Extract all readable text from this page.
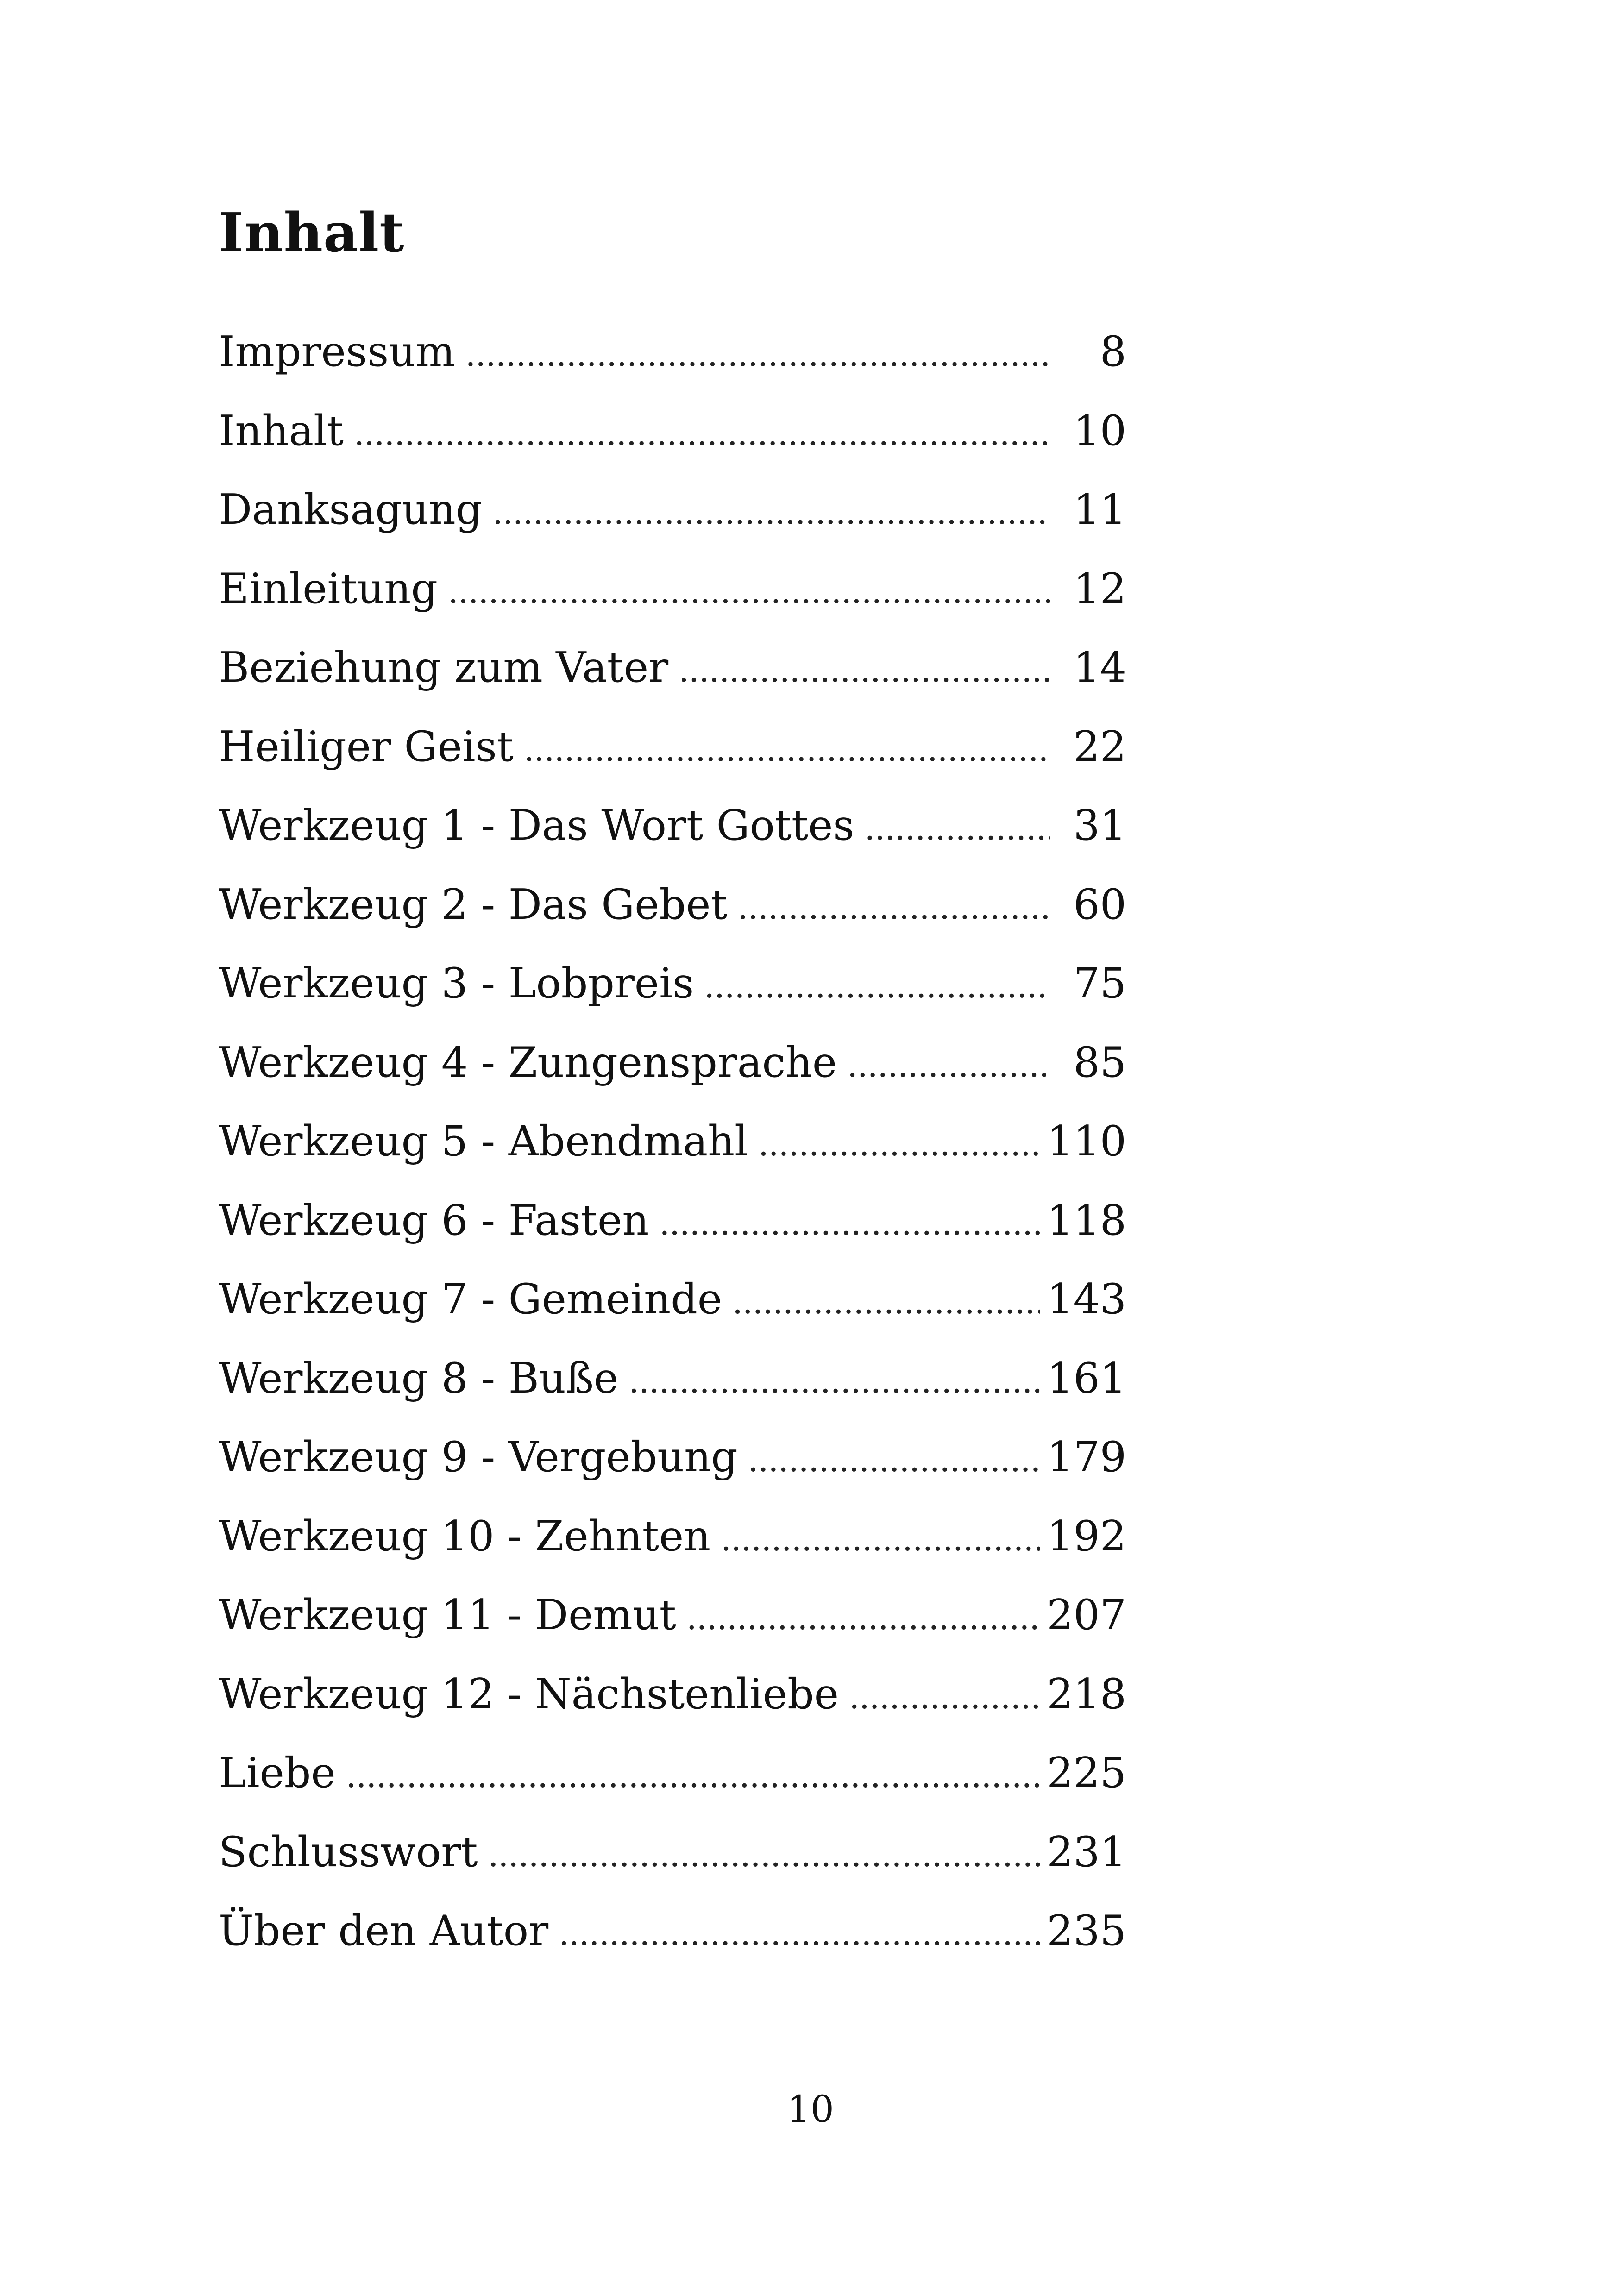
Inhalt
Impressum . . .	8
Inhalt . . .	10
Danksagung . . .	11
Einleitung . . .	12
Beziehung zum Vater . . .	14
Heiliger Geist . . .	22
Werkzeug 1 - Das Wort Gottes . . .	31
Werkzeug 2 - Das Gebet . . .	60
Werkzeug 3 - Lobpreis . . .	75
Werkzeug 4 - Zungensprache . . .	85
Werkzeug 5 - Abendmahl . . .	110
Werkzeug 6 - Fasten . . .	118
Werkzeug 7 - Gemeinde . . .	143
Werkzeug 8 - Buße . . .	161
Werkzeug 9 - Vergebung . . .	179
Werkzeug 10 - Zehnten . . .	192
Werkzeug 11 - Demut . . .	207
Werkzeug 12 - Nächstenliebe . . .	218
Liebe . . .	225
Schlusswort . . .	231
Über den Autor . . .	235

10
